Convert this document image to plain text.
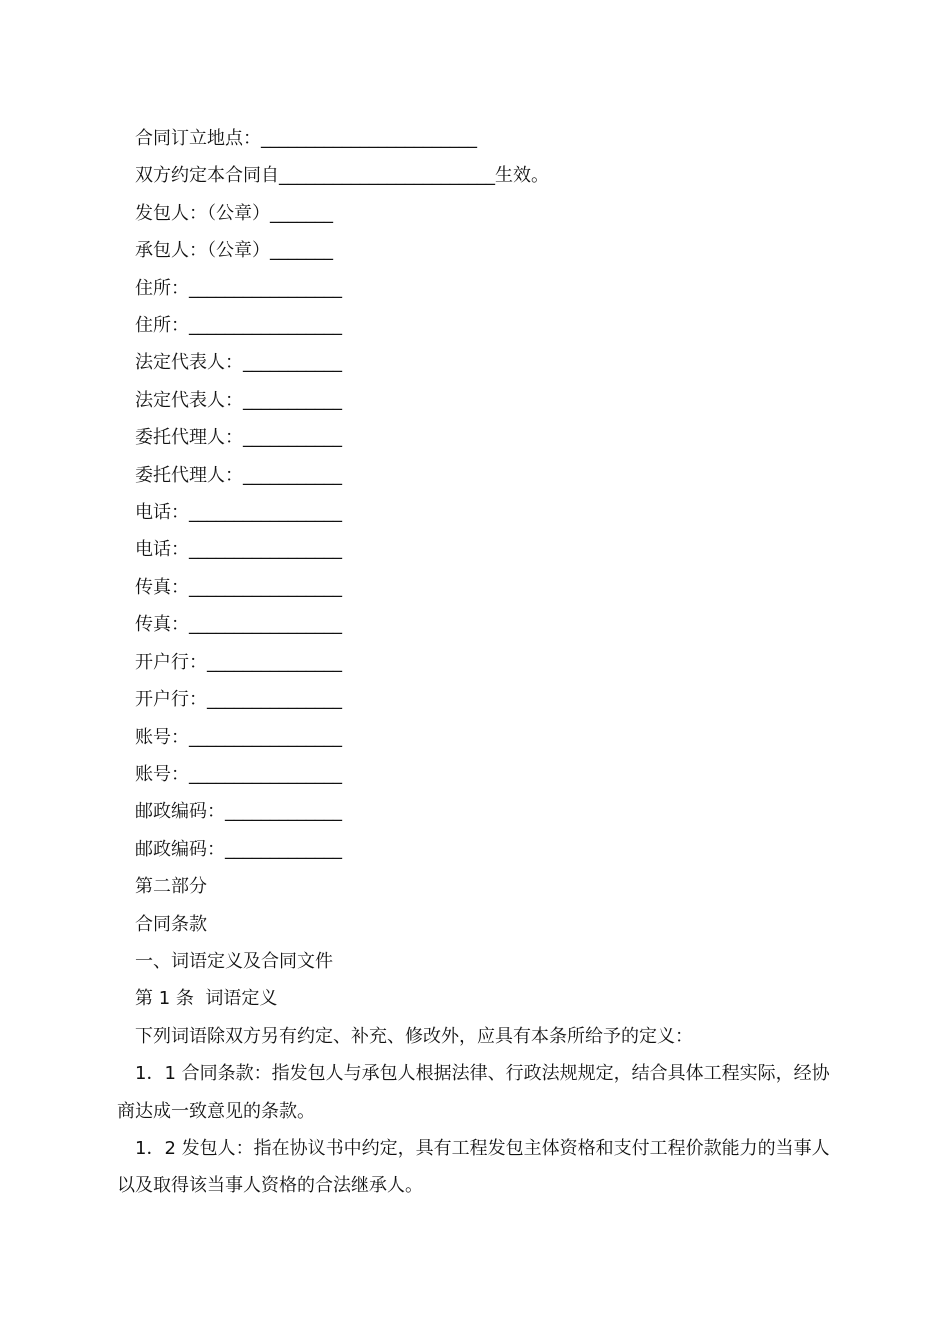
合同订立地点：________________________
双方约定本合同自________________________生效。
发包人：（公章）_______
承包人：（公章）_______
住所：_________________
住所：_________________
法定代表人：___________
法定代表人：___________
委托代理人：___________
委托代理人：___________
电话：_________________
电话：_________________
传真：_________________
传真：_________________
开户行：_______________
开户行：_______________
账号：_________________
账号：_________________
邮政编码：_____________
邮政编码：_____________
第二部分
合同条款
一、词语定义及合同文件
第 1 条  词语定义
下列词语除双方另有约定、补充、修改外，应具有本条所给予的定义：
1．1 合同条款：指发包人与承包人根据法律、行政法规规定，结合具体工程实际，经协商达成一致意见的条款。
1．2 发包人：指在协议书中约定，具有工程发包主体资格和支付工程价款能力的当事人以及取得该当事人资格的合法继承人。
